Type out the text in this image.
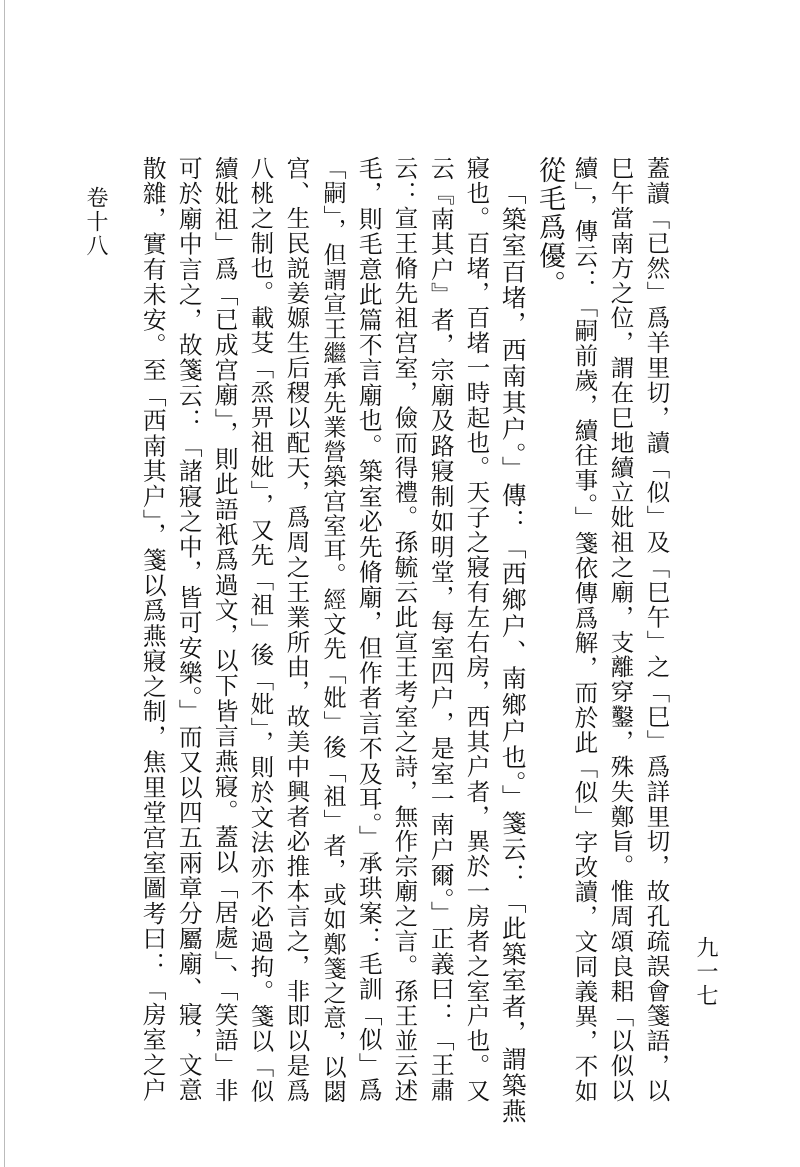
卷十八
九一七
蓋讀「已然」爲羊里切，讀「似」及「巳午」之「巳」爲詳里切，故孔疏誤會箋語，以
巳午當南方之位，謂在巳地續立妣祖之廟，支離穿鑿，殊失鄭旨。惟周頌良耜「以似以
續」，傳云：「嗣前歲，續往事。」箋依傳爲解，而於此「似」字改讀，文同義異，不如
從毛爲優。
「築室百堵，西南其户。」傳：「西鄉户、南鄉户也。」箋云：「此築室者，謂築燕
寢也。百堵，百堵一時起也。天子之寢有左右房，西其户者，異於一房者之室户也。又
云『南其户』者，宗廟及路寢制如明堂，每室四户，是室一南户爾。」正義曰：「王肅
云：宣王脩先祖宫室，儉而得禮。孫毓云此宣王考室之詩，無作宗廟之言。孫王並云述
毛，則毛意此篇不言廟也。築室必先脩廟，但作者言不及耳。」承珙案：毛訓「似」爲
「嗣」，但謂宣王繼承先業營築宫室耳。經文先「妣」後「祖」者，或如鄭箋之意，以閟
宫、生民説姜嫄生后稷以配天，爲周之王業所由，故美中興者必推本言之，非即以是爲
八桃之制也。載芟「烝畀祖妣」，又先「祖」後「妣」，則於文法亦不必過拘。箋以「似
續妣祖」爲「已成宫廟」，則此語衹爲過文，以下皆言燕寢。蓋以「居處」、「笑語」非
可於廟中言之，故箋云：「諸寢之中，皆可安樂。」而又以四五兩章分屬廟、寢，文意
散雜，實有未安。至「西南其户」，箋以爲燕寢之制，焦里堂宫室圖考曰：「房室之户
